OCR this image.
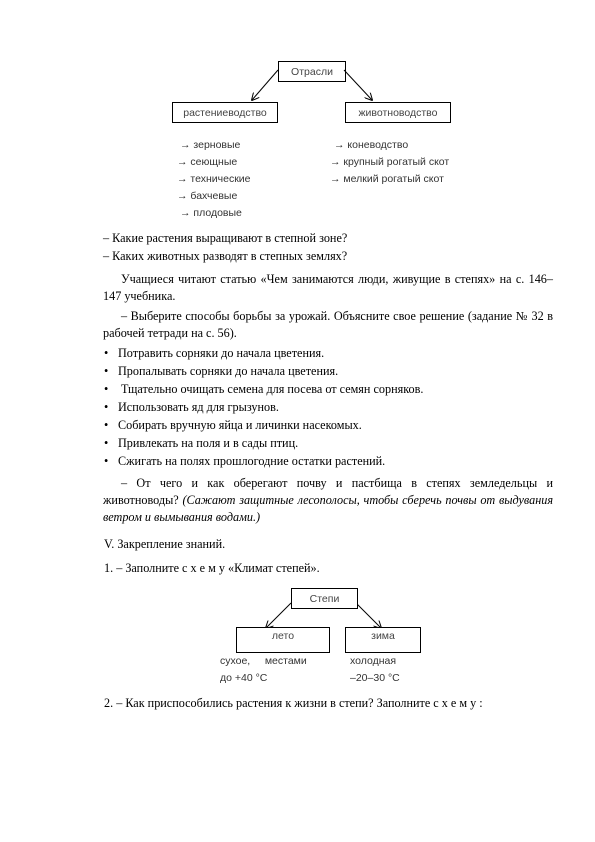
Отрасли
растениеводство	животноводство
→ зерновые
→ сеющные
→ технические
→ бахчевые
→ плодовые
→ коневодство
→ крупный рогатый скот
→ мелкий рогатый скот
– Какие растения выращивают в степной зоне?
– Каких животных разводят в степных землях?
Учащиеся читают статью «Чем занимаются люди, живущие в степях» на с. 146–147 учебника.
– Выберите способы борьбы за урожай. Объясните свое решение (задание № 32 в рабочей тетради на с. 56).
• Потравить сорняки до начала цветения.
• Пропалывать сорняки до начала цветения.
• Тщательно очищать семена для посева от семян сорняков.
• Использовать яд для грызунов.
• Собирать вручную яйца и личинки насекомых.
• Привлекать на поля и в сады птиц.
• Сжигать на полях прошлогодние остатки растений.
– От чего и как оберегают почву и пастбища в степях земледельцы и животноводы? (Сажают защитные лесополосы, чтобы сберечь почвы от выдувания ветром и вымывания водами.)
V. Закрепление знаний.
1. – Заполните с х е м у «Климат степей».
Степи
лето	зима
сухое,     местами
до +40 °С
холодная
–20–30 °С
2. – Как приспособились растения к жизни в степи? Заполните с х е м у :
